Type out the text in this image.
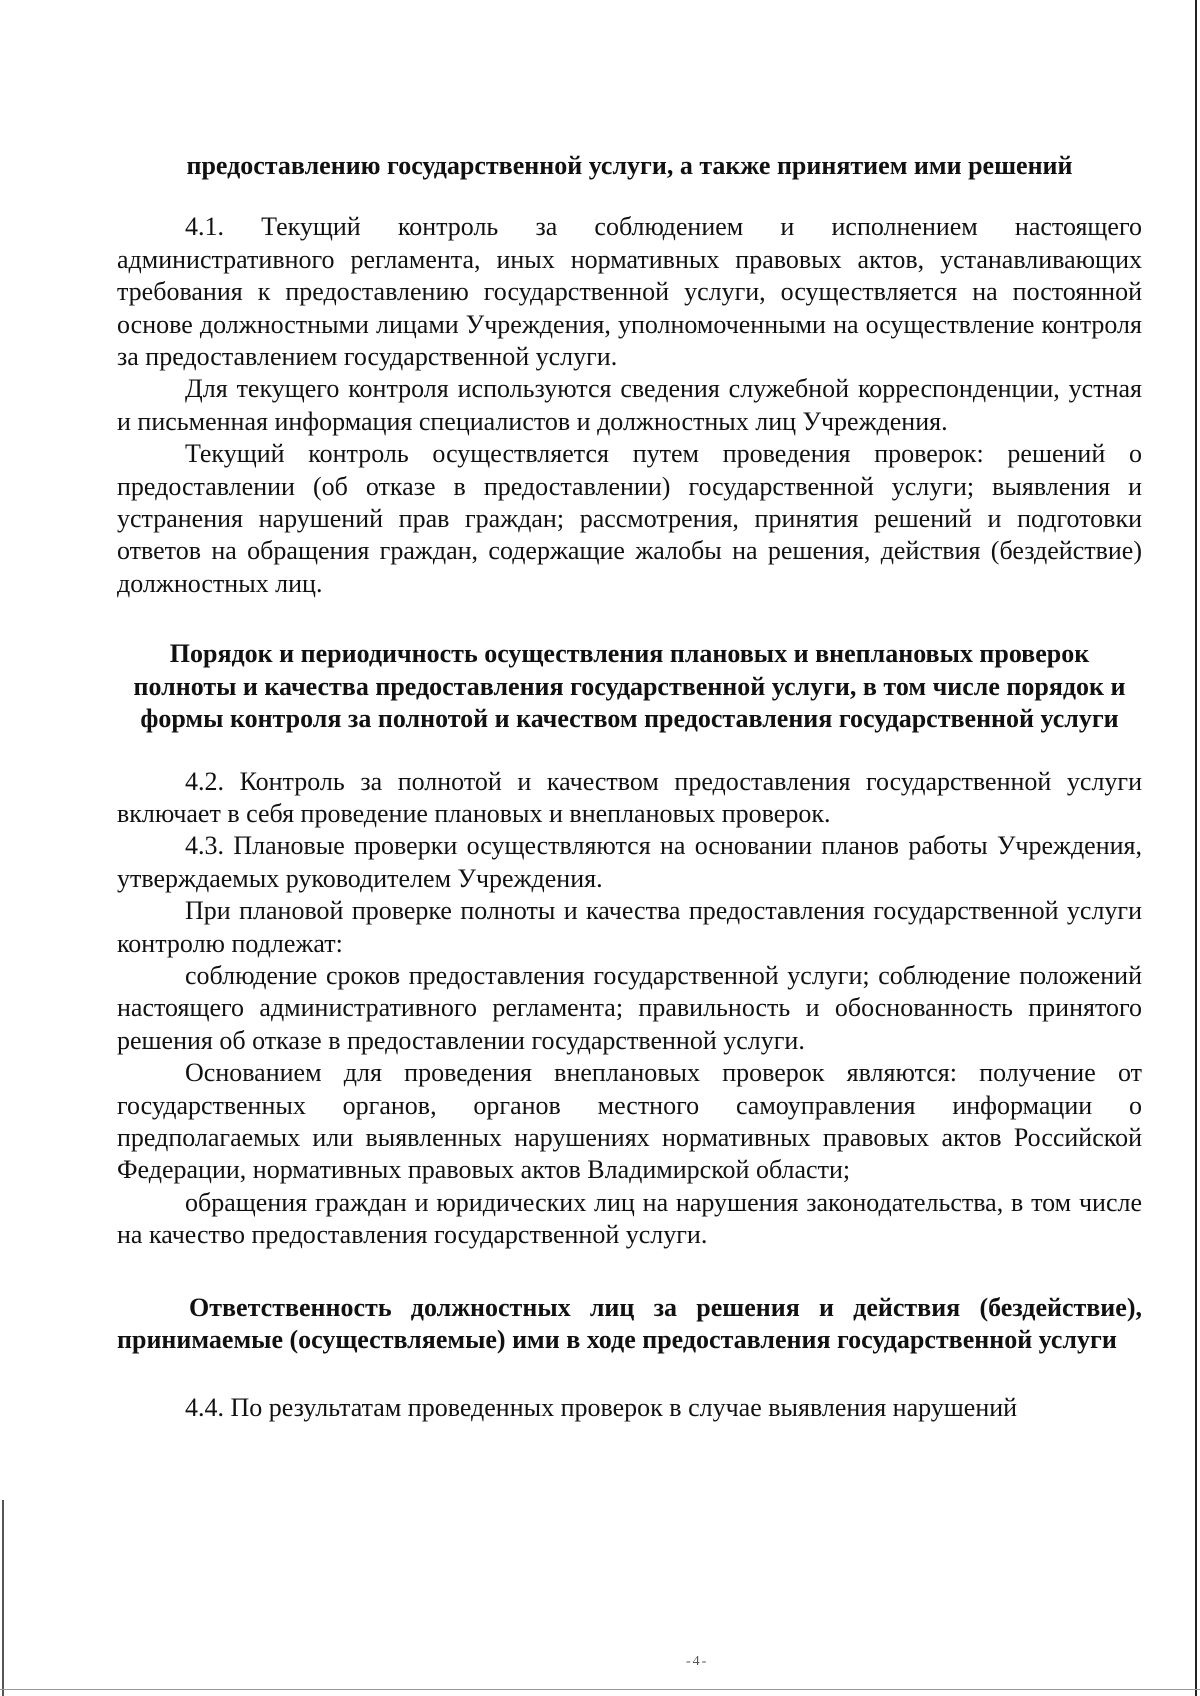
предоставлению государственной услуги, а также принятием ими решений

4.1. Текущий контроль за соблюдением и исполнением настоящего административного регламента, иных нормативных правовых актов, устанавливающих требования к предоставлению государственной услуги, осуществляется на постоянной основе должностными лицами Учреждения, уполномоченными на осуществление контроля за предоставлением государственной услуги.

Для текущего контроля используются сведения служебной корреспонденции, устная и письменная информация специалистов и должностных лиц Учреждения.

Текущий контроль осуществляется путем проведения проверок: решений о предоставлении (об отказе в предоставлении) государственной услуги; выявления и устранения нарушений прав граждан; рассмотрения, принятия решений и подготовки ответов на обращения граждан, содержащие жалобы на решения, действия (бездействие) должностных лиц.

Порядок и периодичность осуществления плановых и внеплановых проверок полноты и качества предоставления государственной услуги, в том числе порядок и формы контроля за полнотой и качеством предоставления государственной услуги

4.2. Контроль за полнотой и качеством предоставления государственной услуги включает в себя проведение плановых и внеплановых проверок.

4.3. Плановые проверки осуществляются на основании планов работы Учреждения, утверждаемых руководителем Учреждения.

При плановой проверке полноты и качества предоставления государственной услуги контролю подлежат:

соблюдение сроков предоставления государственной услуги; соблюдение положений настоящего административного регламента; правильность и обоснованность принятого решения об отказе в предоставлении государственной услуги.

Основанием для проведения внеплановых проверок являются: получение от государственных органов, органов местного самоуправления информации о предполагаемых или выявленных нарушениях нормативных правовых актов Российской Федерации, нормативных правовых актов Владимирской области;

обращения граждан и юридических лиц на нарушения законодательства, в том числе на качество предоставления государственной услуги.

Ответственность должностных лиц за решения и действия (бездействие), принимаемые (осуществляемые) ими в ходе предоставления государственной услуги

4.4. По результатам проведенных проверок в случае выявления нарушений

-4-
